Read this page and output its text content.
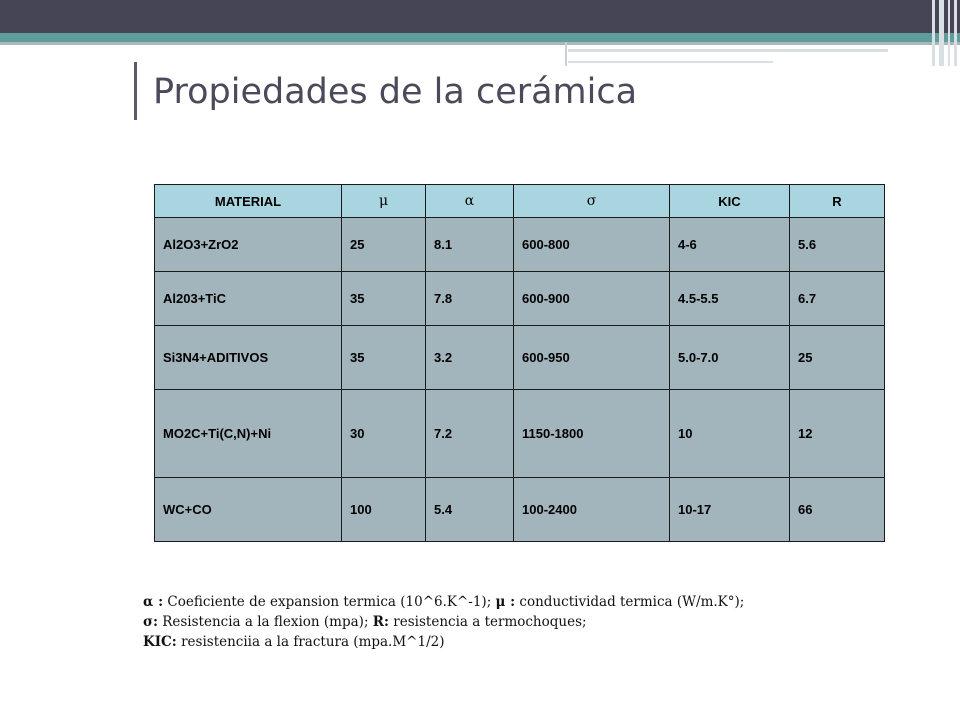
Propiedades de la cerámica
MATERIAL	μ	α	σ	KIC	R
Al2O3+ZrO2	25	8.1	600-800	4-6	5.6
Al203+TiC	35	7.8	600-900	4.5-5.5	6.7
Si3N4+ADITIVOS	35	3.2	600-950	5.0-7.0	25
MO2C+Ti(C,N)+Ni	30	7.2	1150-1800	10	12
WC+CO	100	5.4	100-2400	10-17	66
α : Coeficiente de expansion termica (10^6.K^-1); μ : conductividad termica (W/m.K°);
σ: Resistencia a la flexion (mpa); R: resistencia a termochoques;
KIC: resistenciia a la fractura (mpa.M^1/2)
